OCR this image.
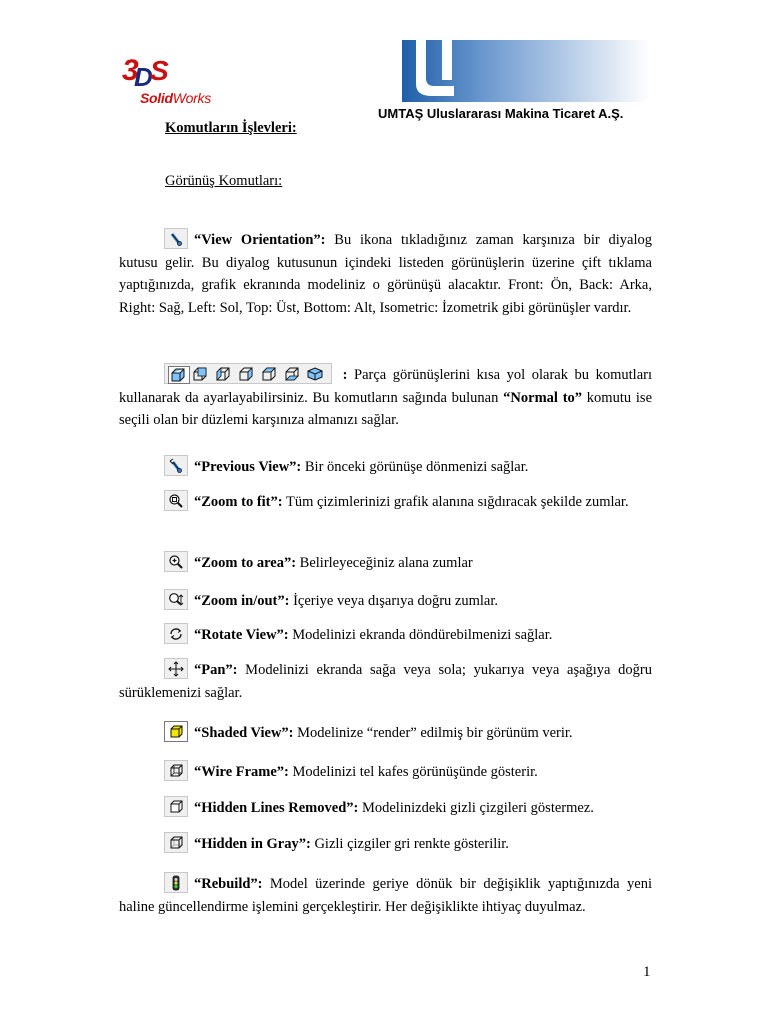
3
D
S
SolidWorks
UMTAŞ Uluslararası Makina Ticaret A.Ş.
Komutların İşlevleri:
Görünüş Komutları:
“View Orientation”: Bu ikona tıkladığınız zaman karşınıza bir diyalog kutusu gelir. Bu diyalog kutusunun içindeki listeden görünüşlerin üzerine çift tıklama yaptığınızda, grafik ekranında modeliniz o görünüşü alacaktır. Front: Ön, Back: Arka, Right: Sağ, Left: Sol, Top: Üst, Bottom: Alt, Isometric: İzometrik gibi görünüşler vardır.
: Parça görünüşlerini kısa yol olarak bu komutları kullanarak da ayarlayabilirsiniz. Bu komutların sağında bulunan “Normal to” komutu ise seçili olan bir düzlemi karşınıza almanızı sağlar.
“Previous View”: Bir önceki görünüşe dönmenizi sağlar.
“Zoom to fit”: Tüm çizimlerinizi grafik alanına sığdıracak şekilde zumlar.
“Zoom to area”: Belirleyeceğiniz alana zumlar
“Zoom in/out”: İçeriye veya dışarıya doğru zumlar.
“Rotate View”: Modelinizi ekranda döndürebilmenizi sağlar.
“Pan”: Modelinizi ekranda sağa veya sola; yukarıya veya aşağıya doğru sürüklemenizi sağlar.
“Shaded View”: Modelinize “render” edilmiş bir görünüm verir.
“Wire Frame”: Modelinizi tel kafes görünüşünde gösterir.
“Hidden Lines Removed”: Modelinizdeki gizli çizgileri göstermez.
“Hidden in Gray”: Gizli çizgiler gri renkte gösterilir.
“Rebuild”: Model üzerinde geriye dönük bir değişiklik yaptığınızda yeni haline güncellendirme işlemini gerçekleştirir. Her değişiklikte ihtiyaç duyulmaz.
1
